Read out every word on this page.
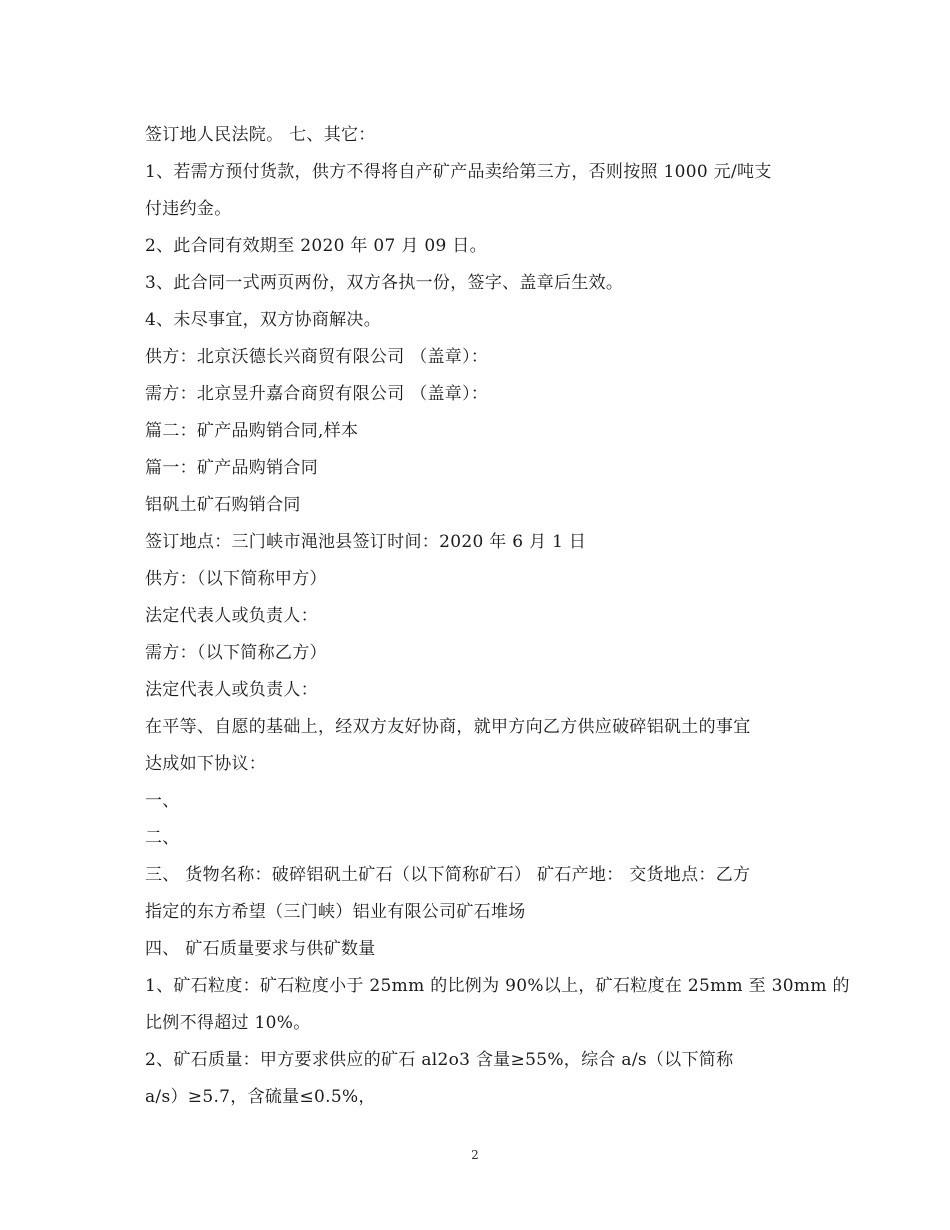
签订地人民法院。 七、其它：
1、若需方预付货款，供方不得将自产矿产品卖给第三方，否则按照 1000 元/吨支
付违约金。
2、此合同有效期至 2020 年 07 月 09 日。
3、此合同一式两页两份，双方各执一份，签字、盖章后生效。
4、未尽事宜，双方协商解决。
供方：北京沃德长兴商贸有限公司 （盖章）：
需方：北京昱升嘉合商贸有限公司 （盖章）：
篇二：矿产品购销合同,样本
篇一：矿产品购销合同
铝矾土矿石购销合同
签订地点：三门峡市渑池县签订时间：2020 年 6 月 1 日
供方：（以下简称甲方）
法定代表人或负责人：
需方：（以下简称乙方）
法定代表人或负责人：
在平等、自愿的基础上，经双方友好协商，就甲方向乙方供应破碎铝矾土的事宜
达成如下协议：
一、
二、
三、 货物名称：破碎铝矾土矿石（以下简称矿石） 矿石产地： 交货地点：乙方
指定的东方希望（三门峡）铝业有限公司矿石堆场
四、 矿石质量要求与供矿数量
1、矿石粒度：矿石粒度小于 25mm 的比例为 90%以上，矿石粒度在 25mm 至 30mm 的
比例不得超过 10%。
2、矿石质量：甲方要求供应的矿石 al2o3 含量≥55%，综合 a/s（以下简称
a/s）≥5.7，含硫量≤0.5%，
2
